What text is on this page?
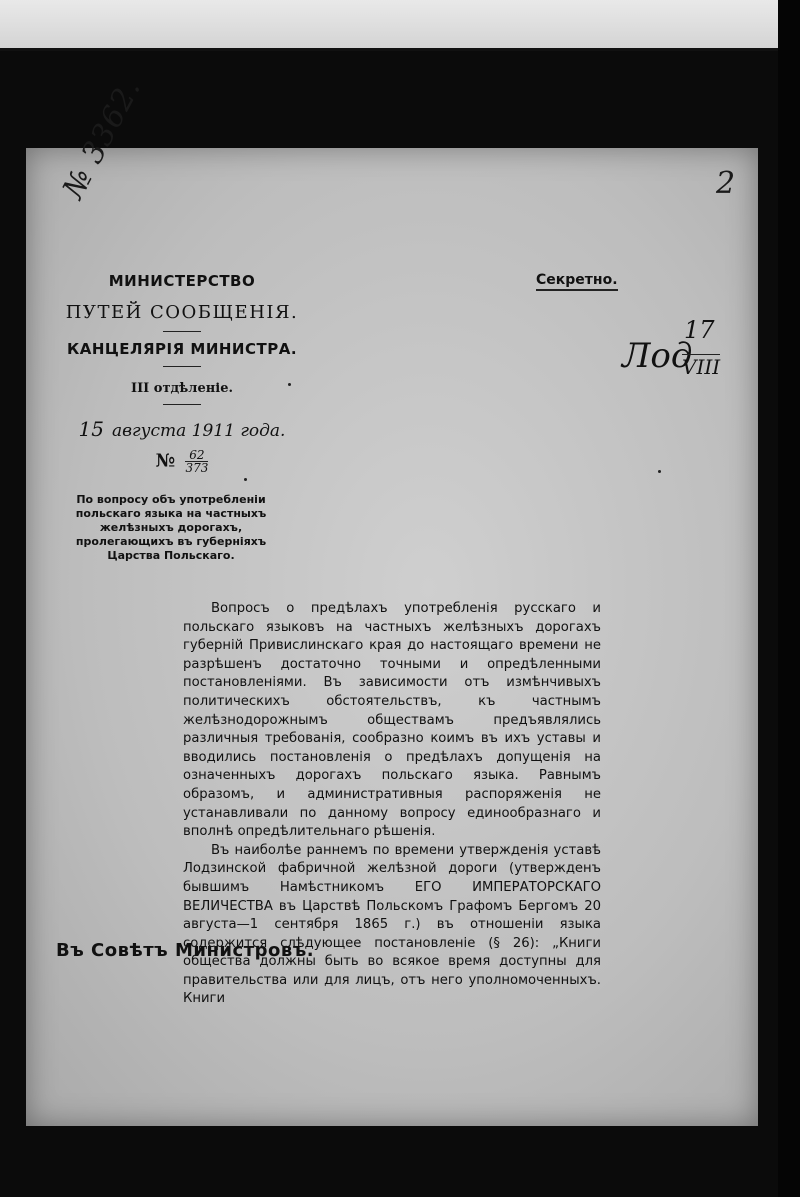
№ 3362.	2
МИНИСТЕРСТВО
ПУТЕЙ СООБЩЕНІЯ.
КАНЦЕЛЯРІЯ МИНИСТРА.
III отдѣленіе.
15 августа 1911 года.
№ $\frac{62}{373}$
По вопросу объ употребленіи польскаго языка на частныхъ желѣзныхъ дорогахъ, пролегающихъ въ губерніяхъ Царства Польскаго.
Секретно.
Лод
17
VIII

Вопросъ о предѣлахъ употребленія русскаго и польскаго языковъ на частныхъ желѣзныхъ дорогахъ губерній Привислинскаго края до настоящаго времени не разрѣшенъ достаточно точными и опредѣленными постановленіями. Въ зависимости отъ измѣнчивыхъ политическихъ обстоятельствъ, къ частнымъ желѣзнодорожнымъ обществамъ предъявлялись различныя требованія, сообразно коимъ въ ихъ уставы и вводились постановленія о предѣлахъ допущенія на означенныхъ дорогахъ польскаго языка. Равнымъ образомъ, и административныя распоряженія не устанавливали по данному вопросу единообразнаго и вполнѣ опредѣлительнаго рѣшенія.

Въ наиболѣе раннемъ по времени утвержденія уставѣ Лодзинской фабричной желѣзной дороги (утвержденъ бывшимъ Намѣстникомъ ЕГО ИМПЕРАТОРСКАГО ВЕЛИЧЕСТВА въ Царствѣ Польскомъ Графомъ Бергомъ 20 августа—1 сентября 1865 г.) въ отношеніи языка содержится слѣдующее постановленіе (§ 26): „Книги общества должны быть во всякое время доступны для правительства или для лицъ, отъ него уполномоченныхъ. Книги

Въ Совѣтъ Министровъ.
